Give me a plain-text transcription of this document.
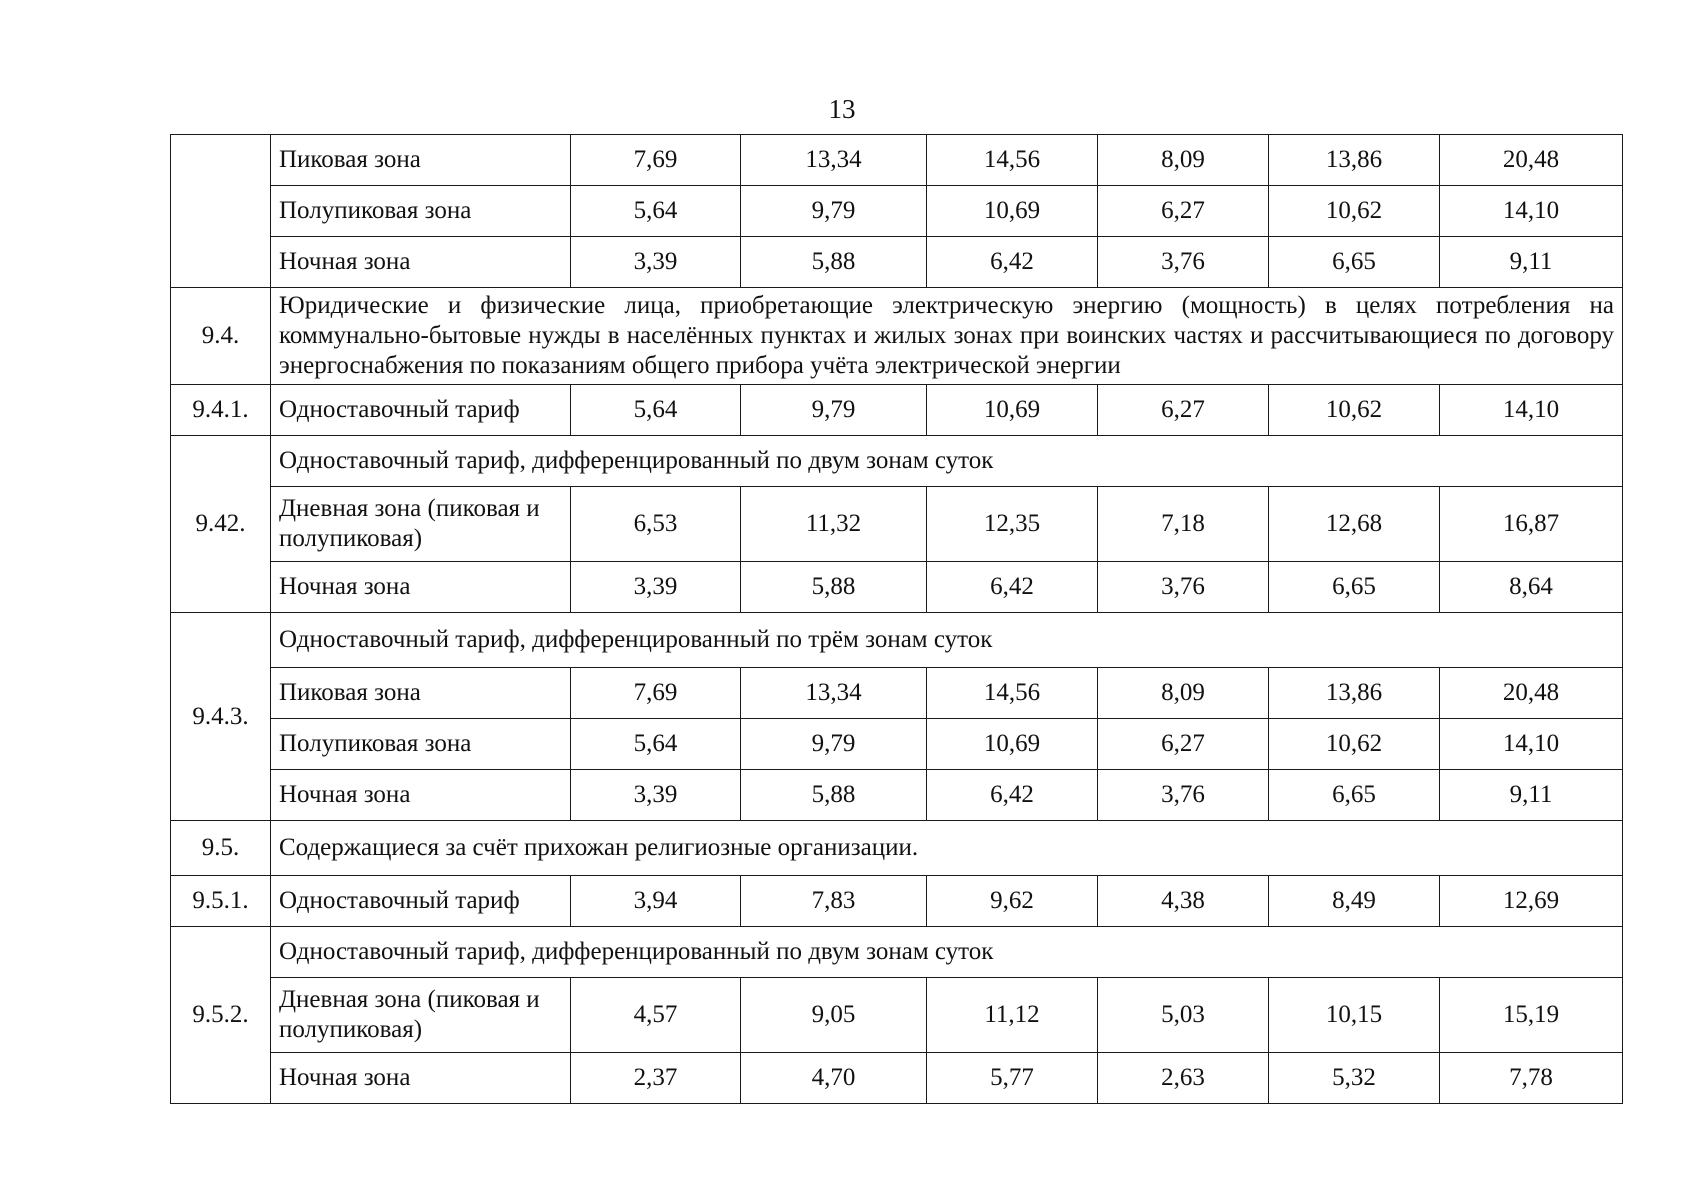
13
	Пиковая зона	7,69	13,34	14,56	8,09	13,86	20,48
	Полупиковая зона	5,64	9,79	10,69	6,27	10,62	14,10
	Ночная зона	3,39	5,88	6,42	3,76	6,65	9,11
9.4.	Юридические и физические лица, приобретающие электрическую энергию (мощность) в целях потребления на коммунально-бытовые нужды в населённых пунктах и жилых зонах при воинских частях и рассчитывающиеся по договору энергоснабжения по показаниям общего прибора учёта электрической энергии						
9.4.1.	Одноставочный тариф	5,64	9,79	10,69	6,27	10,62	14,10
9.42.	Одноставочный тариф, дифференцированный по двум зонам суток						
	Дневная зона (пиковая и полупиковая)	6,53	11,32	12,35	7,18	12,68	16,87
	Ночная зона	3,39	5,88	6,42	3,76	6,65	8,64
9.4.3.	Одноставочный тариф, дифференцированный по трём зонам суток						
	Пиковая зона	7,69	13,34	14,56	8,09	13,86	20,48
	Полупиковая зона	5,64	9,79	10,69	6,27	10,62	14,10
	Ночная зона	3,39	5,88	6,42	3,76	6,65	9,11
9.5.	Содержащиеся за счёт прихожан религиозные организации.						
9.5.1.	Одноставочный тариф	3,94	7,83	9,62	4,38	8,49	12,69
9.5.2.	Одноставочный тариф, дифференцированный по двум зонам суток						
	Дневная зона (пиковая и полупиковая)	4,57	9,05	11,12	5,03	10,15	15,19
	Ночная зона	2,37	4,70	5,77	2,63	5,32	7,78
